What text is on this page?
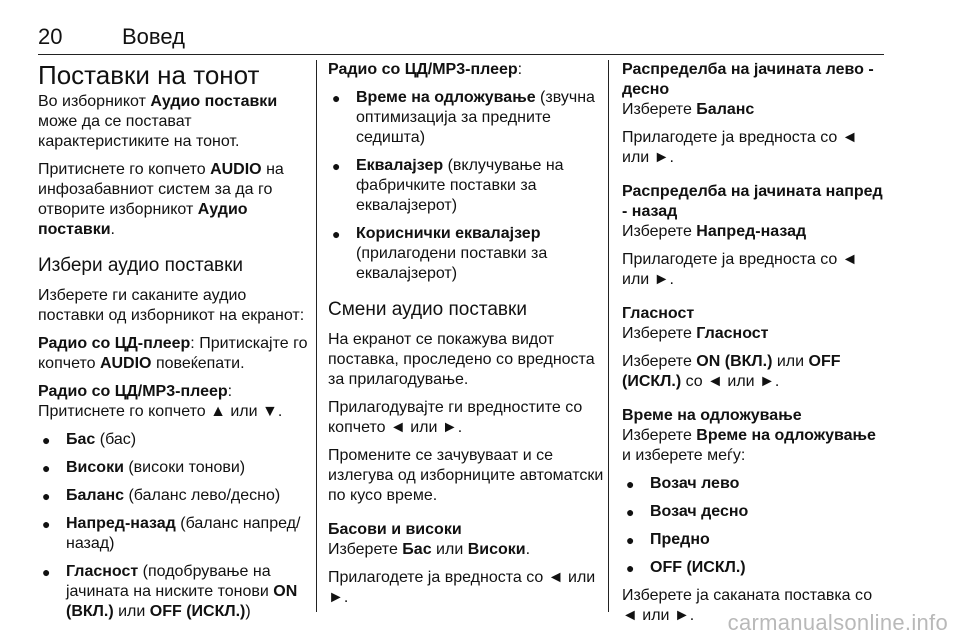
20	Вовед
Поставки на тонот

Во изборникот Аудио поставки може да се постават карактеристиките на тонот.

Притиснете го копчето AUDIO на инфозабавниот систем за да го отворите изборникот Аудио поставки.

Избери аудио поставки

Изберете ги саканите аудио поставки од изборникот на екранот:

Радио со ЦД-плеер: Притискајте го копчето AUDIO повеќепати.

Радио со ЦД/MP3-плеер:
Притиснете го копчето ▲ или ▼.

● Бас (бас)
● Високи (високи тонови)
● Баланс (баланс лево/десно)
● Напред-назад (баланс напред/ назад)
● Гласност (подобрување на јачината на ниските тонови ON (ВКЛ.) или OFF (ИСКЛ.))

Радио со ЦД/MP3-плеер:

● Време на одложување (звучна оптимизација за предните седишта)
● Еквалајзер (вклучување на фабричките поставки за еквалајзерот)
● Кориснички еквалајзер (прилагодени поставки за еквалајзерот)
Смени аудио поставки

На екранот се покажува видот поставка, проследено со вредноста за прилагодување.

Прилагодувајте ги вредностите со копчето ◄ или ►.

Промените се зачувуваат и се излегува од изборниците автоматски по кусо време.

Басови и високи

Изберете Бас или Високи.

Прилагодете ја вредноста со ◄ или ►.

Распределба на јачината лево - десно

Изберете Баланс

Прилагодете ја вредноста со ◄ или ►.

Распределба на јачината напред - назад

Изберете Напред-назад

Прилагодете ја вредноста со ◄ или ►.

Гласност

Изберете Гласност

Изберете ON (ВКЛ.) или OFF (ИСКЛ.) со ◄ или ►.

Време на одложување

Изберете Време на одложување и изберете меѓу:

● Возач лево
● Возач десно
● Предно
● OFF (ИСКЛ.)

Изберете ја саканата поставка со ◄ или ►.	carmanualsonline.info
